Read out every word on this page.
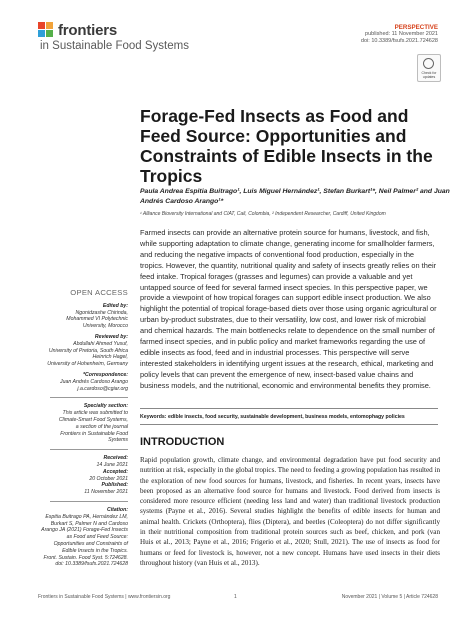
frontiers
in Sustainable Food Systems
PERSPECTIVE
published: 11 November 2021
doi: 10.3389/fsufs.2021.724628
Check for updates
Forage-Fed Insects as Food and Feed Source: Opportunities and Constraints of Edible Insects in the Tropics
Paula Andrea Espitia Buitrago¹, Luis Miguel Hernández¹, Stefan Burkart¹*, Neil Palmer² and Juan Andrés Cardoso Arango¹*
¹ Alliance Bioversity International and CIAT, Cali, Colombia, ² Independent Researcher, Cardiff, United Kingdom
Farmed insects can provide an alternative protein source for humans, livestock, and fish, while supporting adaptation to climate change, generating income for smallholder farmers, and reducing the negative impacts of conventional food production, especially in the tropics. However, the quantity, nutritional quality and safety of insects greatly relies on their feed intake. Tropical forages (grasses and legumes) can provide a valuable and yet untapped source of feed for several farmed insect species. In this perspective paper, we provide a viewpoint of how tropical forages can support edible insect production. We also highlight the potential of tropical forage-based diets over those using organic agricultural or urban by-product substrates, due to their versatility, low cost, and lower risk of microbial and chemical hazards. The main bottlenecks relate to dependence on the small number of farmed insect species, and in public policy and market frameworks regarding the use of edible insects as food, feed and in industrial processes. This perspective will serve interested stakeholders in identifying urgent issues at the research, ethical, marketing and policy levels that can prevent the emergence of new, insect-based value chains and business models, and the nutritional, economic and environmental benefits they promise.
Keywords: edible insects, food security, sustainable development, business models, entomophagy policies
INTRODUCTION
Rapid population growth, climate change, and environmental degradation have put food security and nutrition at risk, especially in the global tropics. The need to feeding a growing population has resulted in the exploration of new food sources for humans, livestock, and fisheries. In recent years, insects have been proposed as an alternative food source for humans and livestock. Food derived from insects is considered more resource efficient (needing less land and water) than traditional livestock production systems (Payne et al., 2016). Several studies highlight the benefits of edible insects for human and animal health. Crickets (Orthoptera), flies (Diptera), and beetles (Coleoptera) do not differ significantly in their nutritional composition from traditional protein sources such as beef, chicken, and pork (van Huis et al., 2013; Payne et al., 2016; Frigerio et al., 2020; Stull, 2021). The use of insects as food for humans or feed for livestock is, however, not a new concept. Humans have used insects in their diets throughout history (van Huis et al., 2013).
OPEN ACCESS
Edited by:
Ngonidzashe Chirinda,
Mohammed VI Polytechnic
University, Morocco
Reviewed by:
Abdullahi Ahmed Yusuf,
University of Pretoria, South Africa
Heinrich Hagel,
University of Hohenheim, Germany
*Correspondence:
Juan Andrés Cardoso Arango
j.a.cardoso@cgiar.org
Specialty section:
This article was submitted to
Climate-Smart Food Systems,
a section of the journal
Frontiers in Sustainable Food Systems
Received:
14 June 2021
Accepted:
20 October 2021
Published:
11 November 2021
Citation:
Espitia Buitrago PA, Hernández LM,
Burkart S, Palmer N and Cardoso
Arango JA (2021) Forage-Fed Insects
as Food and Feed Source:
Opportunities and Constraints of
Edible Insects in the Tropics.
Front. Sustain. Food Syst. 5:724628.
doi: 10.3389/fsufs.2021.724628
Frontiers in Sustainable Food Systems | www.frontiersin.org	1	November 2021 | Volume 5 | Article 724628
